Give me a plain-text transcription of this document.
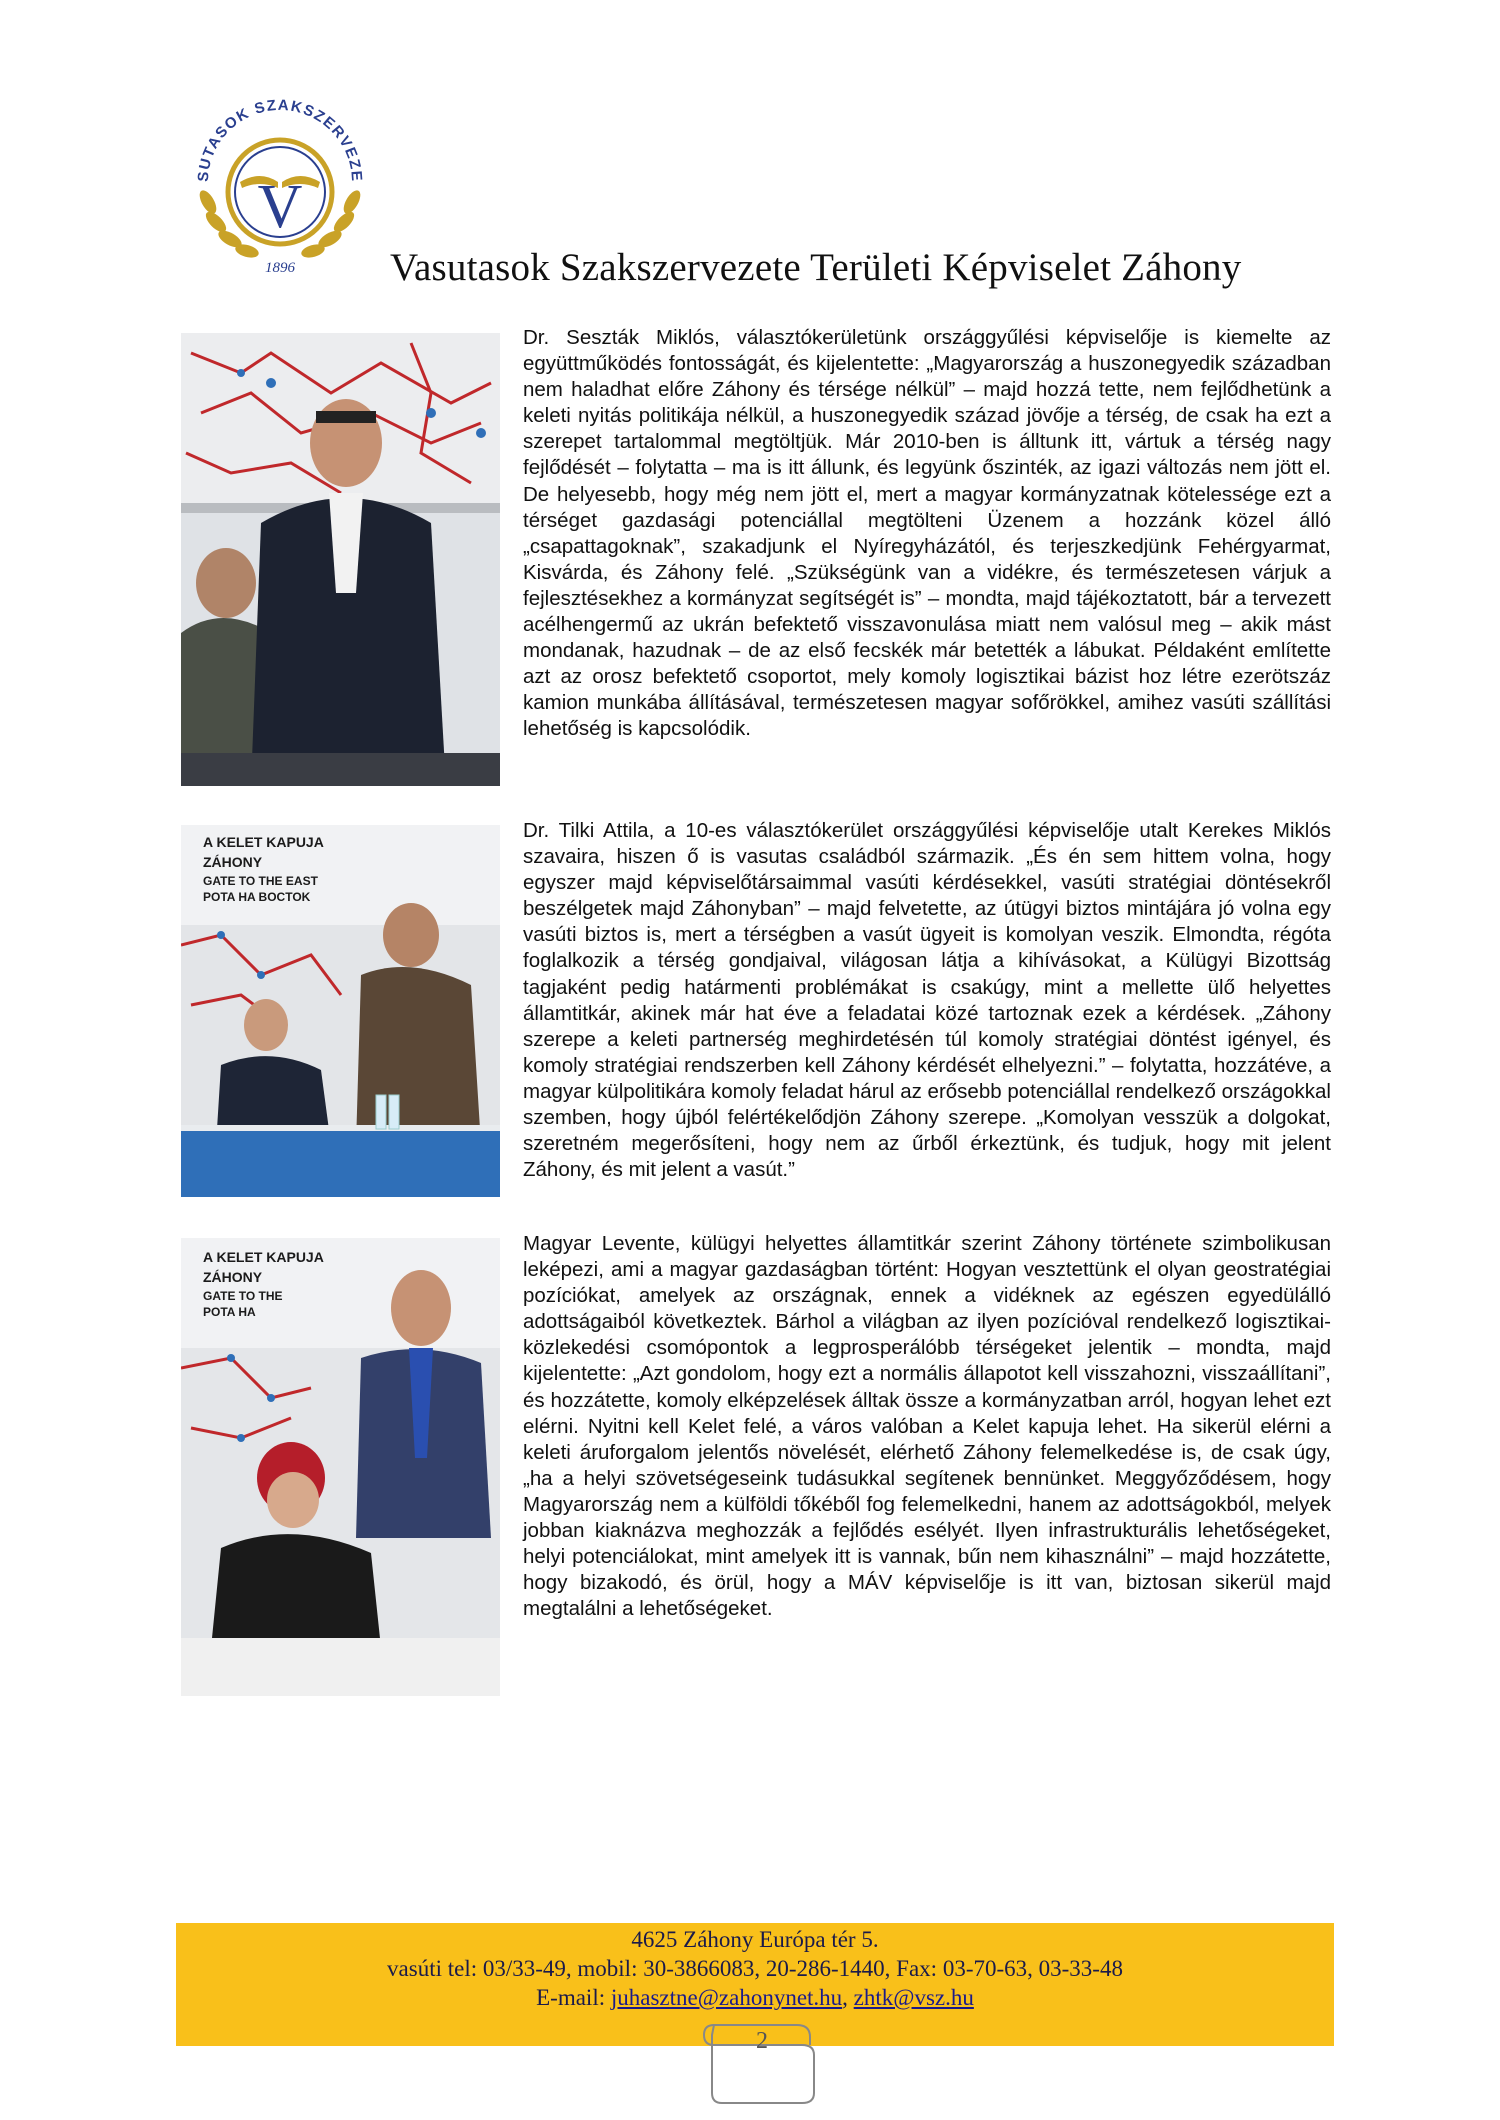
SUTASOK SZAKSZERVEZE
V
1896 Vasutasok Szakszervezete Területi Képviselet Záhony
A KELET KAPUJA
ZÁHONY
GATE TO THE EAST
POTA HA BOCTOK
A KELET KAPUJA
ZÁHONY
GATE TO THE
POTA HA

Dr. Seszták Miklós, választókerületünk országgyűlési képviselője is kiemelte az együttműködés fontosságát, és kijelentette: „Magyarország a huszonegyedik században nem haladhat előre Záhony és térsége nélkül” – majd hozzá tette, nem fejlődhetünk a keleti nyitás politikája nélkül, a huszonegyedik század jövője a térség, de csak ha ezt a szerepet tartalommal megtöltjük. Már 2010-ben is álltunk itt, vártuk a térség nagy fejlődését – folytatta – ma is itt állunk, és legyünk őszinték, az igazi változás nem jött el. De helyesebb, hogy még nem jött el, mert a magyar kormányzatnak kötelessége ezt a térséget gazdasági potenciállal megtölteni Üzenem a hozzánk közel álló „csapattagoknak”, szakadjunk el Nyíregyházától, és terjeszkedjünk Fehérgyarmat, Kisvárda, és Záhony felé. „Szükségünk van a vidékre, és természetesen várjuk a fejlesztésekhez a kormányzat segítségét is” – mondta, majd tájékoztatott, bár a tervezett acélhengermű az ukrán befektető visszavonulása miatt nem valósul meg – akik mást mondanak, hazudnak – de az első fecskék már betették a lábukat. Példaként említette azt az orosz befektető csoportot, mely komoly logisztikai bázist hoz létre ezerötszáz kamion munkába állításával, természetesen magyar sofőrökkel, amihez vasúti szállítási lehetőség is kapcsolódik.

Dr. Tilki Attila, a 10-es választókerület országgyűlési képviselője utalt Kerekes Miklós szavaira, hiszen ő is vasutas családból származik. „És én sem hittem volna, hogy egyszer majd képviselőtársaimmal vasúti kérdésekkel, vasúti stratégiai döntésekről beszélgetek majd Záhonyban” – majd felvetette, az útügyi biztos mintájára jó volna egy vasúti biztos is, mert a térségben a vasút ügyeit is komolyan veszik. Elmondta, régóta foglalkozik a térség gondjaival, világosan látja a kihívásokat, a Külügyi Bizottság tagjaként pedig határmenti problémákat is csakúgy, mint a mellette ülő helyettes államtitkár, akinek már hat éve a feladatai közé tartoznak ezek a kérdések. „Záhony szerepe a keleti partnerség meghirdetésén túl komoly stratégiai döntést igényel, és komoly stratégiai rendszerben kell Záhony kérdését elhelyezni.” – folytatta, hozzátéve, a magyar külpolitikára komoly feladat hárul az erősebb potenciállal rendelkező országokkal szemben, hogy újból felértékelődjön Záhony szerepe. „Komolyan vesszük a dolgokat, szeretném megerősíteni, hogy nem az űrből érkeztünk, és tudjuk, hogy mit jelent Záhony, és mit jelent a vasút.”

Magyar Levente, külügyi helyettes államtitkár szerint Záhony története szimbolikusan leképezi, ami a magyar gazdaságban történt: Hogyan vesztettünk el olyan geostratégiai pozíciókat, amelyek az országnak, ennek a vidéknek az egészen egyedülálló adottságaiból következtek. Bárhol a világban az ilyen pozícióval rendelkező logisztikai-közlekedési csomópontok a legprosperálóbb térségeket jelentik – mondta, majd kijelentette: „Azt gondolom, hogy ezt a normális állapotot kell visszahozni, visszaállítani”, és hozzátette, komoly elképzelések álltak össze a kormányzatban arról, hogyan lehet ezt elérni. Nyitni kell Kelet felé, a város valóban a Kelet kapuja lehet. Ha sikerül elérni a keleti áruforgalom jelentős növelését, elérhető Záhony felemelkedése is, de csak úgy, „ha a helyi szövetségeseink tudásukkal segítenek bennünket. Meggyőződésem, hogy Magyarország nem a külföldi tőkéből fog felemelkedni, hanem az adottságokból, melyek jobban kiaknázva meghozzák a fejlődés esélyét. Ilyen infrastrukturális lehetőségeket, helyi potenciálokat, mint amelyek itt is vannak, bűn nem kihasználni” – majd hozzátette, hogy bizakodó, és örül, hogy a MÁV képviselője is itt van, biztosan sikerül majd megtalálni a lehetőségeket.

4625 Záhony Európa tér 5.
vasúti tel: 03/33-49, mobil: 30-3866083, 20-286-1440, Fax: 03-70-63, 03-33-48
E-mail: juhasztne@zahonynet.hu, zhtk@vsz.hu
2
